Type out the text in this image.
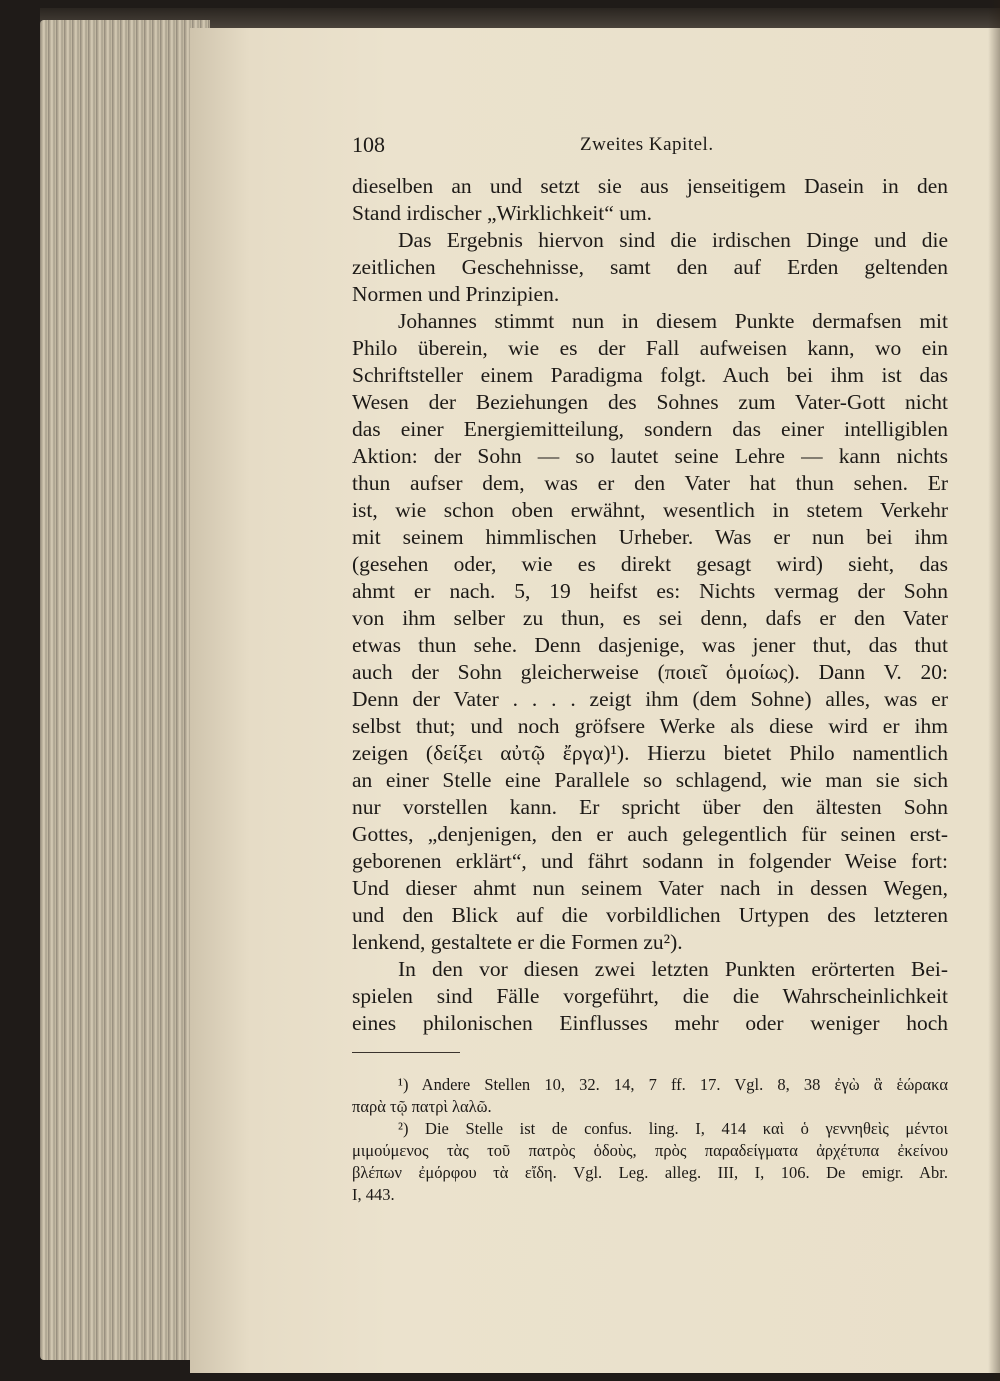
108	Zweites Kapitel.
dieselben an und setzt sie aus jenseitigem Dasein in den
Stand irdischer „Wirklichkeit“ um.
Das Ergebnis hiervon sind die irdischen Dinge und die
zeitlichen Geschehnisse, samt den auf Erden geltenden
Normen und Prinzipien.
Johannes stimmt nun in diesem Punkte dermafsen mit
Philo überein, wie es der Fall aufweisen kann, wo ein
Schriftsteller einem Paradigma folgt. Auch bei ihm ist das
Wesen der Beziehungen des Sohnes zum Vater-Gott nicht
das einer Energiemitteilung, sondern das einer intelligiblen
Aktion: der Sohn — so lautet seine Lehre — kann nichts
thun aufser dem, was er den Vater hat thun sehen. Er
ist, wie schon oben erwähnt, wesentlich in stetem Verkehr
mit seinem himmlischen Urheber. Was er nun bei ihm
(gesehen oder, wie es direkt gesagt wird) sieht, das
ahmt er nach. 5, 19 heifst es: Nichts vermag der Sohn
von ihm selber zu thun, es sei denn, dafs er den Vater
etwas thun sehe. Denn dasjenige, was jener thut, das thut
auch der Sohn gleicherweise (ποιεῖ ὁμοίως). Dann V. 20:
Denn der Vater . . . . zeigt ihm (dem Sohne) alles, was er
selbst thut; und noch gröfsere Werke als diese wird er ihm
zeigen (δείξει αὐτῷ ἔργα)¹). Hierzu bietet Philo namentlich
an einer Stelle eine Parallele so schlagend, wie man sie sich
nur vorstellen kann. Er spricht über den ältesten Sohn
Gottes, „denjenigen, den er auch gelegentlich für seinen erst-
geborenen erklärt“, und fährt sodann in folgender Weise fort:
Und dieser ahmt nun seinem Vater nach in dessen Wegen,
und den Blick auf die vorbildlichen Urtypen des letzteren
lenkend, gestaltete er die Formen zu²).
In den vor diesen zwei letzten Punkten erörterten Bei-
spielen sind Fälle vorgeführt, die die Wahrscheinlichkeit
eines philonischen Einflusses mehr oder weniger hoch
¹) Andere Stellen 10, 32. 14, 7 ff. 17. Vgl. 8, 38 ἐγὼ ἃ ἑώρακα
παρὰ τῷ πατρὶ λαλῶ.
²) Die Stelle ist de confus. ling. I, 414 καὶ ὁ γεννηθεὶς μέντοι
μιμούμενος τὰς τοῦ πατρὸς ὁδοὺς, πρὸς παραδείγματα ἀρχέτυπα ἐκείνου
βλέπων ἐμόρφου τὰ εἴδη. Vgl. Leg. alleg. III, I, 106. De emigr. Abr.
I, 443.
